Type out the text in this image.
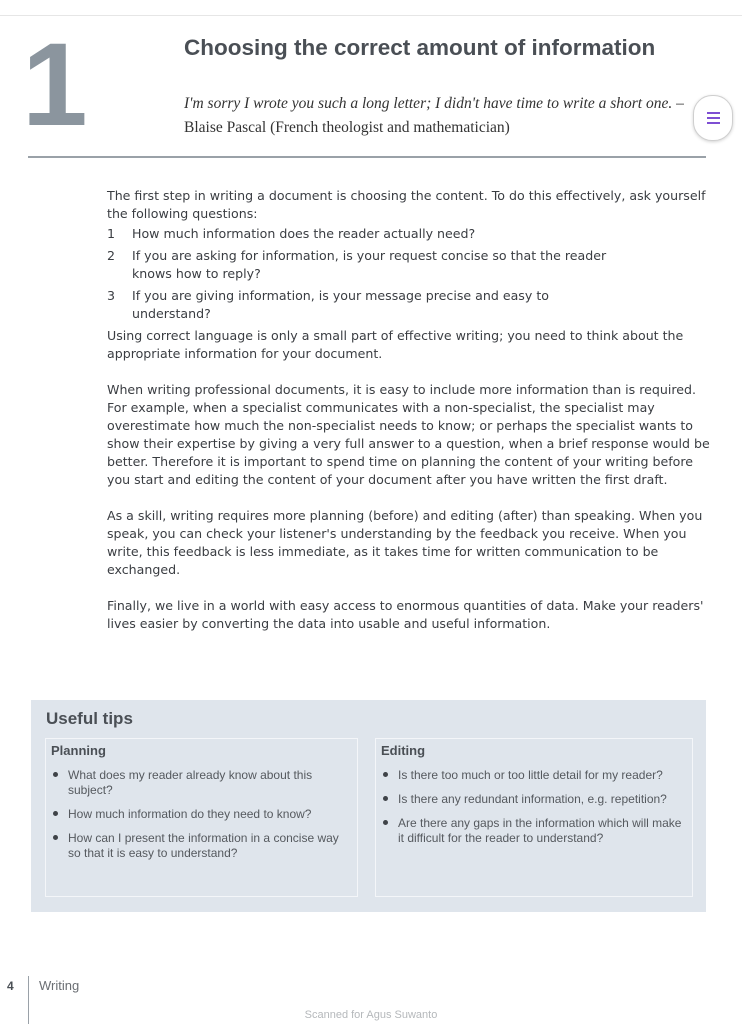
1	Choosing the correct amount of information
I'm sorry I wrote you such a long letter; I didn't have time to write a short one. – Blaise Pascal (French theologist and mathematician)

The first step in writing a document is choosing the content. To do this effectively, ask yourself the following questions:

1	How much information does the reader actually need?
2	If you are asking for information, is your request concise so that the reader knows how to reply?
3	If you are giving information, is your message precise and easy to understand?

Using correct language is only a small part of effective writing; you need to think about the appropriate information for your document.

When writing professional documents, it is easy to include more information than is required. For example, when a specialist communicates with a non-specialist, the specialist may overestimate how much the non-specialist needs to know; or perhaps the specialist wants to show their expertise by giving a very full answer to a question, when a brief response would be better. Therefore it is important to spend time on planning the content of your writing before you start and editing the content of your document after you have written the first draft.

As a skill, writing requires more planning (before) and editing (after) than speaking. When you speak, you can check your listener's understanding by the feedback you receive. When you write, this feedback is less immediate, as it takes time for written communication to be exchanged.

Finally, we live in a world with easy access to enormous quantities of data. Make your readers' lives easier by converting the data into usable and useful information.

Useful tips
Planning
What does my reader already know about this subject?
How much information do they need to know?
How can I present the information in a concise way so that it is easy to understand?
Editing
Is there too much or too little detail for my reader?
Is there any redundant information, e.g. repetition?
Are there any gaps in the information which will make it difficult for the reader to understand?
4 Writing
Scanned for Agus Suwanto
